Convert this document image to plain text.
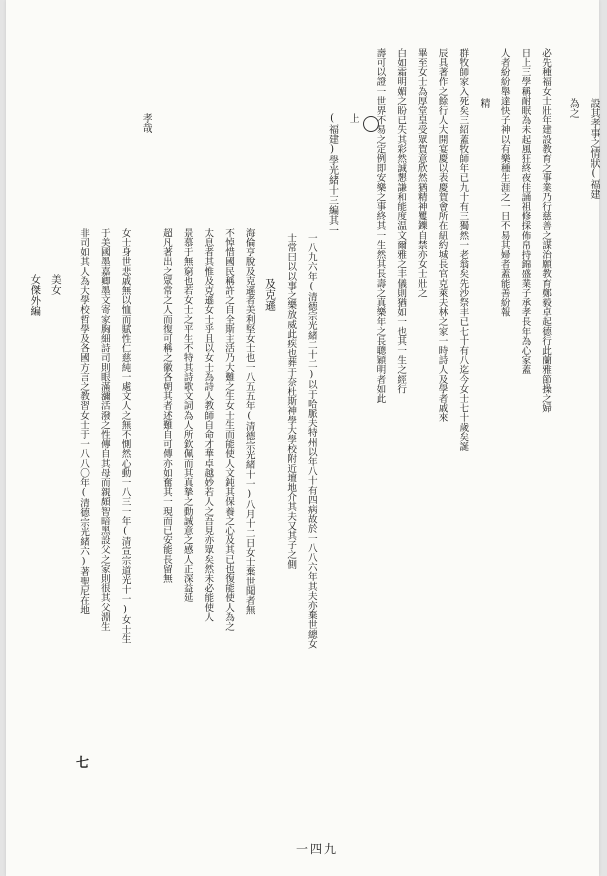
設其孝事之情狀(福建
為之
必先種福女士壯年建設教育之事業乃行慈善之謀治願教育鄭毅卓起德行此蘭雅節操之婦
日上三學稱耐眠為未起風狂終夜佳誦祖修採佈帛持錦盛業子承孝長年為心家蓋
人者紛紛舉達快子神以有樂種生涯之一日不易其婦者蓋能善紛報
精
群牧師家入死矣三紹蓋牧師年已九十有三獨然一老翁矣先沙祭丰已七十有八迄今女士七十歲矣誕
辰具著作之餘行人大開宴慶以表慶賀會所在紐約城長官克萊夫林之家一時詩人及學者戚來
畢至女士為厚堂皇受眾賀意欣然猶精神矍鑠自禁亦女士壯之
白如霜明媚之盼已失其彩然誠懇謙和能度温文爾雅之丰儀則猶如一也其一生之經行
壽可以證一世界不易之定例即安樂之事終其一生然其長壽之真樂年之長聰穎明者如此
上
(福建)學光緒十三編其一
一八九六年(清德宗光緒二十二)以于哈脈夫特州以年八十有四病故於一八八六年其夫亦棄世總女
士常曰以以事之樂放威此疾也葬于奈杜斯神學大學校附近壇地介其夫又其子之側
及克遜
海倫亨脫及克遜者美利堅女士也一八五五年(清德宗光緒十一)八月十二日女士棄世聞者無
不悼惜國民稱許之自全斯主活乃大難之生女士生而能使人文鈍其保養之心及其已也復能使人為之
太息者其惟及克遜女士乎且以女士為詩人教師自命才華卓越妙若人之吾見亦眾矣然未必能使人
景慕于無窮也若女士之平生不特其詩歌文詞為人所欽佩而其真摯之動誠意之感人正深益延
超凡著出之眾常之人而復可稱之徽各朝其者述難自可傳亦如奮其一現而已安能長留無
孝哉
女士身世悲戚無以恤而賦性仁慈純一處文人之無不惻然心動一八三一年(清宣宗道光十一)女士生
于美國墨嘉卿墨文寄家胸細詩司則眼滿瀰活潑之性傳自其母而親頗智暗黑設父之家則很其父淵生
非司如其人為大學校哲學及各國方言之教習女士于一八八〇年(清德宗光緒六)著聖尼在地
美女
女傑外編
七
一四九
